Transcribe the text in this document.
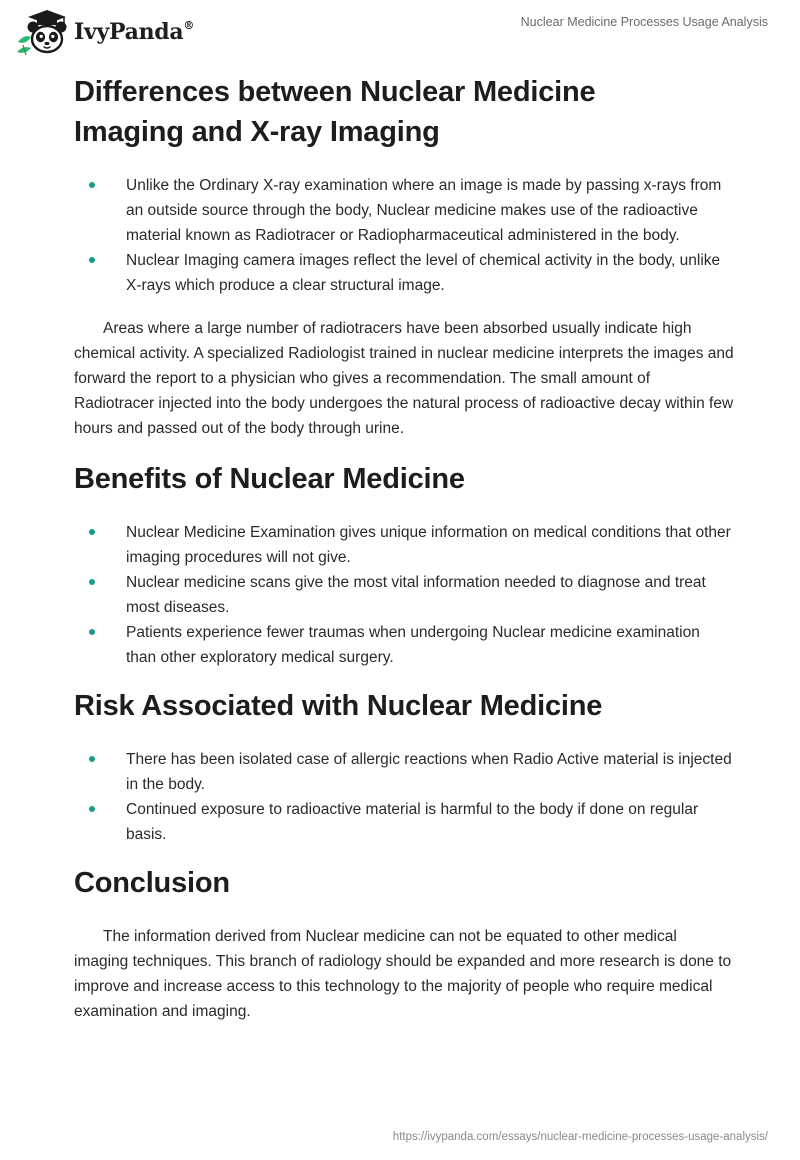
IvyPanda®	Nuclear Medicine Processes Usage Analysis
Differences between Nuclear Medicine
Imaging and X-ray Imaging
Unlike the Ordinary X-ray examination where an image is made by passing x-rays from an outside source through the body, Nuclear medicine makes use of the radioactive material known as Radiotracer or Radiopharmaceutical administered in the body.
Nuclear Imaging camera images reflect the level of chemical activity in the body, unlike X-rays which produce a clear structural image.

Areas where a large number of radiotracers have been absorbed usually indicate high chemical activity. A specialized Radiologist trained in nuclear medicine interprets the images and forward the report to a physician who gives a recommendation. The small amount of Radiotracer injected into the body undergoes the natural process of radioactive decay within few hours and passed out of the body through urine.

Benefits of Nuclear Medicine
Nuclear Medicine Examination gives unique information on medical conditions that other imaging procedures will not give.
Nuclear medicine scans give the most vital information needed to diagnose and treat most diseases.
Patients experience fewer traumas when undergoing Nuclear medicine examination than other exploratory medical surgery.
Risk Associated with Nuclear Medicine
There has been isolated case of allergic reactions when Radio Active material is injected in the body.
Continued exposure to radioactive material is harmful to the body if done on regular basis.
Conclusion

The information derived from Nuclear medicine can not be equated to other medical imaging techniques. This branch of radiology should be expanded and more research is done to improve and increase access to this technology to the majority of people who require medical examination and imaging.

https://ivypanda.com/essays/nuclear-medicine-processes-usage-analysis/
